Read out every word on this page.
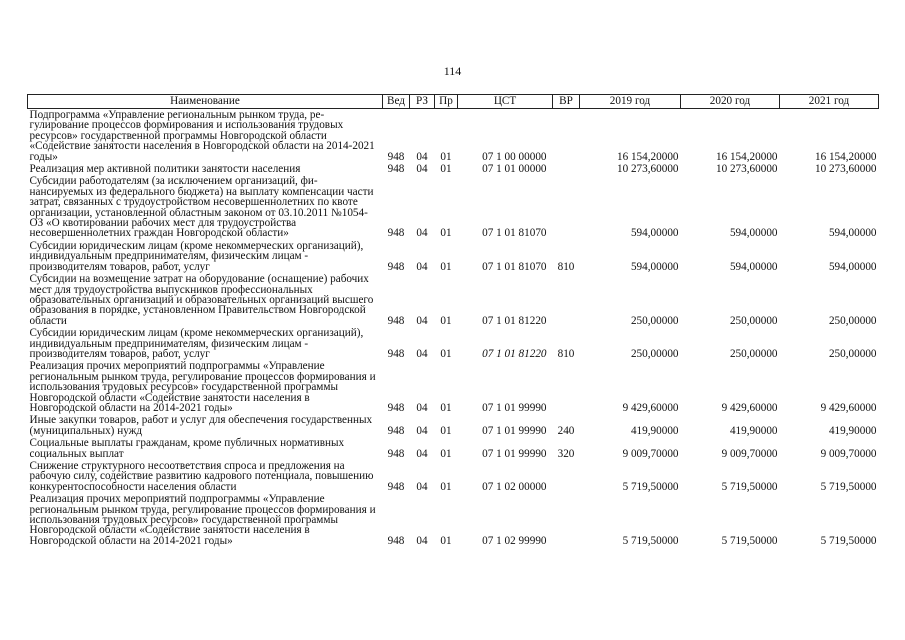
114
Наименование	Вед	РЗ	Пр	ЦСТ	ВР	2019 год	2020 год	2021 год
Подпрограмма «Управление региональным рынком труда, регулирование процессов формирования и использования трудовых ресурсов» государственной программы Новгородской области «Содействие занятости населения в Новгородской области на 2014-2021 годы»	948	04	01	07 1 00 00000		16 154,20000	16 154,20000	16 154,20000
Реализация мер активной политики занятости населения	948	04	01	07 1 01 00000		10 273,60000	10 273,60000	10 273,60000
Субсидии работодателям (за исключением организаций, финансируемых из федерального бюджета) на выплату компенсации части затрат, связанных с трудоустройством несовершеннолетних по квоте организации, установленной областным законом от 03.10.2011 №1054-ОЗ «О квотировании рабочих мест для трудоустройства несовершеннолетних граждан Новгородской области»	948	04	01	07 1 01 81070		594,00000	594,00000	594,00000
Субсидии юридическим лицам (кроме некоммерческих организаций), индивидуальным предпринимателям, физическим лицам - производителям товаров, работ, услуг	948	04	01	07 1 01 81070	810	594,00000	594,00000	594,00000
Субсидии на возмещение затрат на оборудование (оснащение) рабочих мест для трудоустройства выпускников профессиональных образовательных организаций и образовательных организаций высшего образования в порядке, установленном Правительством Новгородской области	948	04	01	07 1 01 81220		250,00000	250,00000	250,00000
Субсидии юридическим лицам (кроме некоммерческих организаций), индивидуальным предпринимателям, физическим лицам - производителям товаров, работ, услуг	948	04	01	07 1 01 81220	810	250,00000	250,00000	250,00000
Реализация прочих мероприятий подпрограммы «Управление региональным рынком труда, регулирование процессов формирования и использования трудовых ресурсов» государственной программы Новгородской области «Содействие занятости населения в Новгородской области на 2014-2021 годы»	948	04	01	07 1 01 99990		9 429,60000	9 429,60000	9 429,60000
Иные закупки товаров, работ и услуг для обеспечения государственных (муниципальных) нужд	948	04	01	07 1 01 99990	240	419,90000	419,90000	419,90000
Социальные выплаты гражданам, кроме публичных нормативных социальных выплат	948	04	01	07 1 01 99990	320	9 009,70000	9 009,70000	9 009,70000
Снижение структурного несоответствия спроса и предложения на рабочую силу, содействие развитию кадрового потенциала, повышению конкурентоспособности населения области	948	04	01	07 1 02 00000		5 719,50000	5 719,50000	5 719,50000
Реализация прочих мероприятий подпрограммы «Управление региональным рынком труда, регулирование процессов формирования и использования трудовых ресурсов» государственной программы Новгородской области «Содействие занятости населения в Новгородской области на 2014-2021 годы»	948	04	01	07 1 02 99990		5 719,50000	5 719,50000	5 719,50000
